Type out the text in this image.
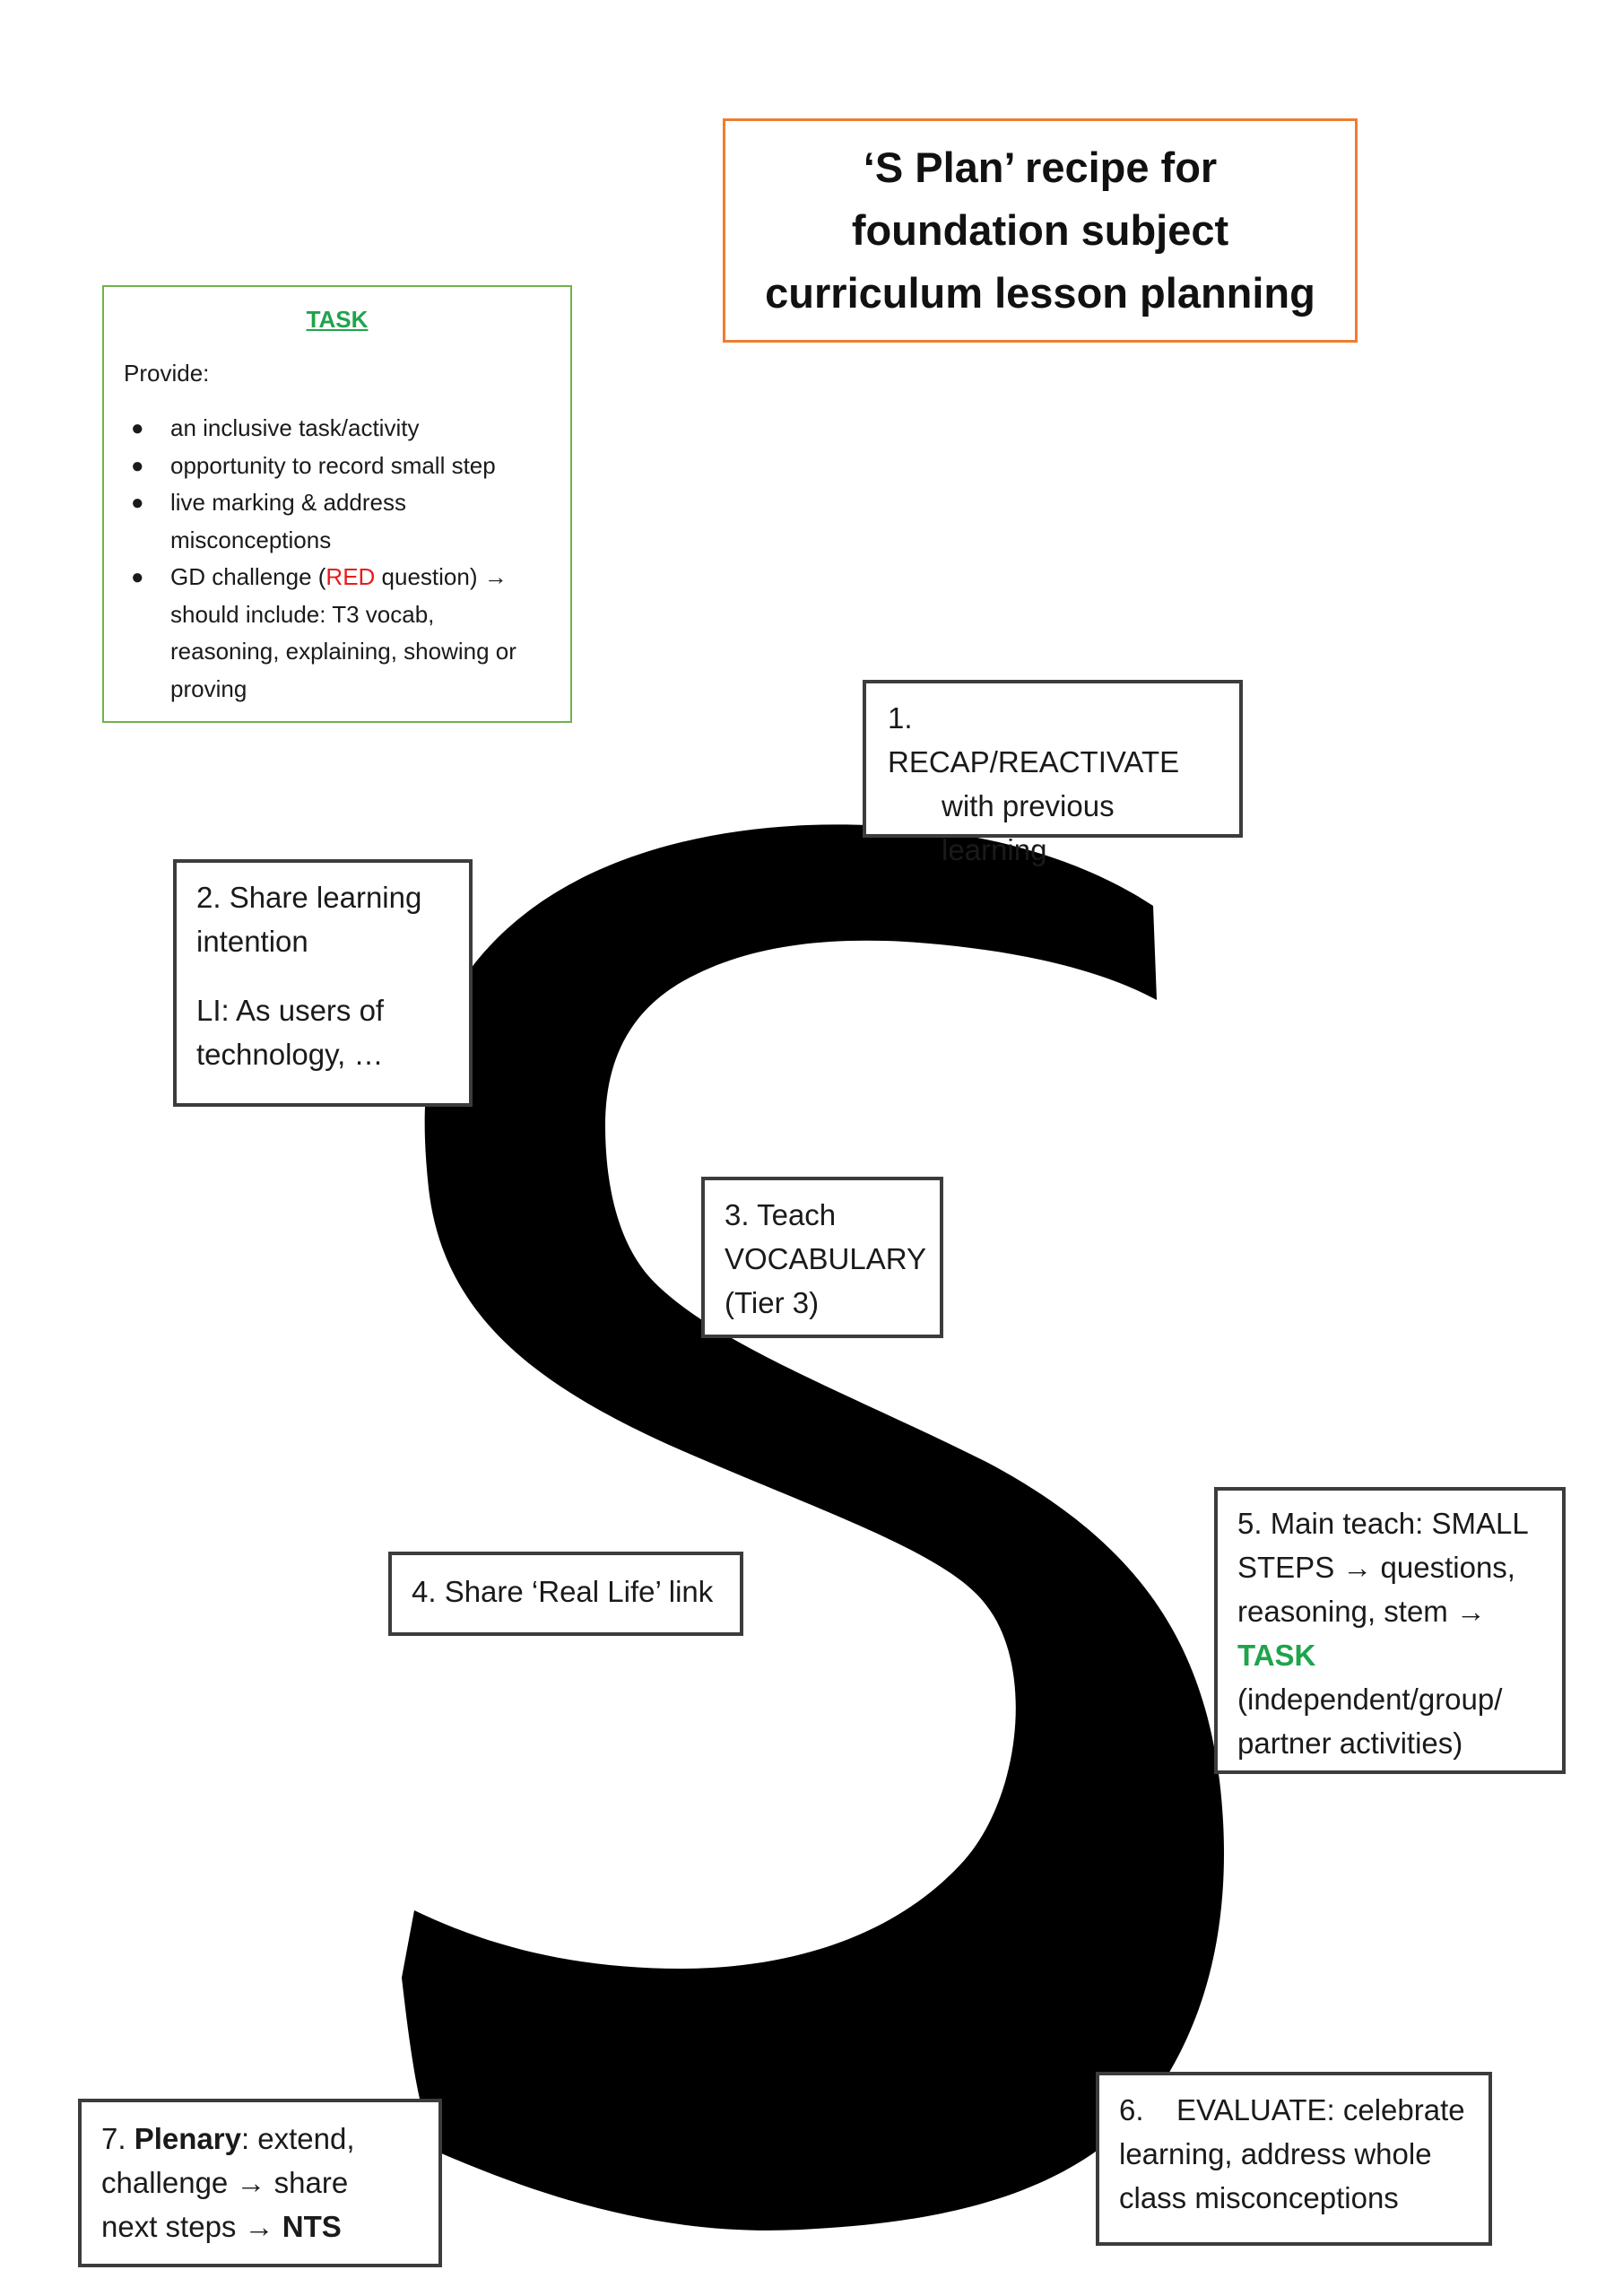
‘S Plan’ recipe for
foundation subject
curriculum lesson planning
TASK
Provide:
● an inclusive task/activity
● opportunity to record small step
● live marking & address
misconceptions
● GD challenge (RED question) →
should include: T3 vocab,
reasoning, explaining, showing or
proving
1.RECAP/REACTIVATE
with previous
learning
2. Share learning
intention
LI: As users of
technology, …
3. Teach
VOCABULARY
(Tier 3)
4. Share ‘Real Life’ link
5. Main teach: SMALL
STEPS → questions,
reasoning, stem →
TASK
(independent/group/
partner activities)
6. EVALUATE: celebrate
learning, address whole
class misconceptions
7. Plenary: extend,
challenge → share
next steps → NTS
